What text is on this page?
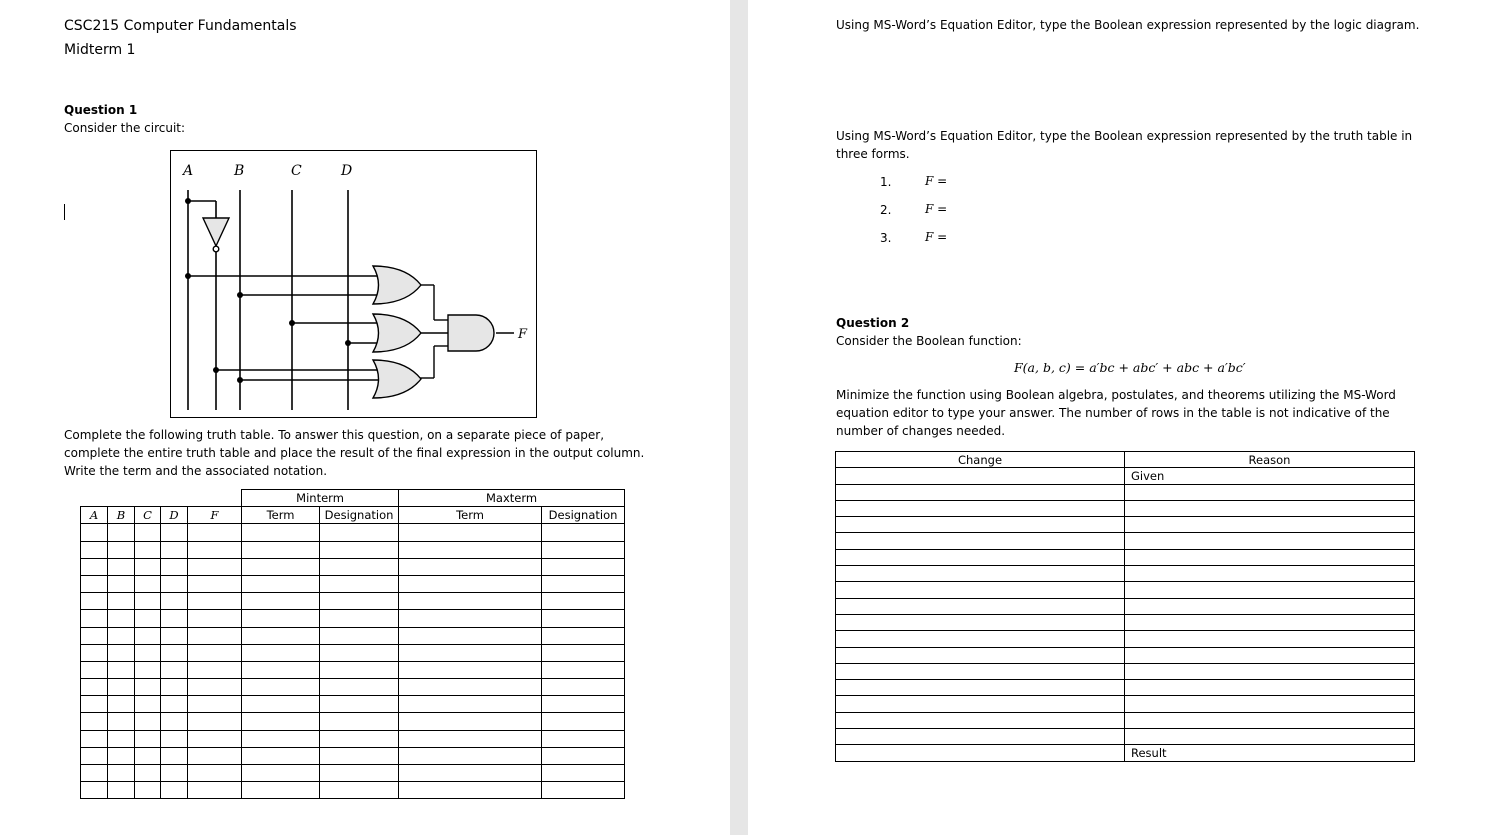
CSC215 Computer Fundamentals
Midterm 1
Question 1
Consider the circuit:
A	B	C	D
F
Complete the following truth table. To answer this question, on a separate piece of paper, complete the entire truth table and place the result of the final expression in the output column. Write the term and the associated notation.
					Minterm		Maxterm	
A	B	C	D	F	Term	Designation	Term	Designation

Using MS-Word’s Equation Editor, type the Boolean expression represented by the logic diagram.
Using MS-Word’s Equation Editor, type the Boolean expression represented by the truth table in three forms.
1.	F =
2.	F =
3.	F =
Question 2
Consider the Boolean function:
F(a, b, c) = a′bc + abc′ + abc + a′bc′
Minimize the function using Boolean algebra, postulates, and theorems utilizing the MS-Word equation editor to type your answer. The number of rows in the table is not indicative of the number of changes needed.
Change	Reason
	Given

	Result
